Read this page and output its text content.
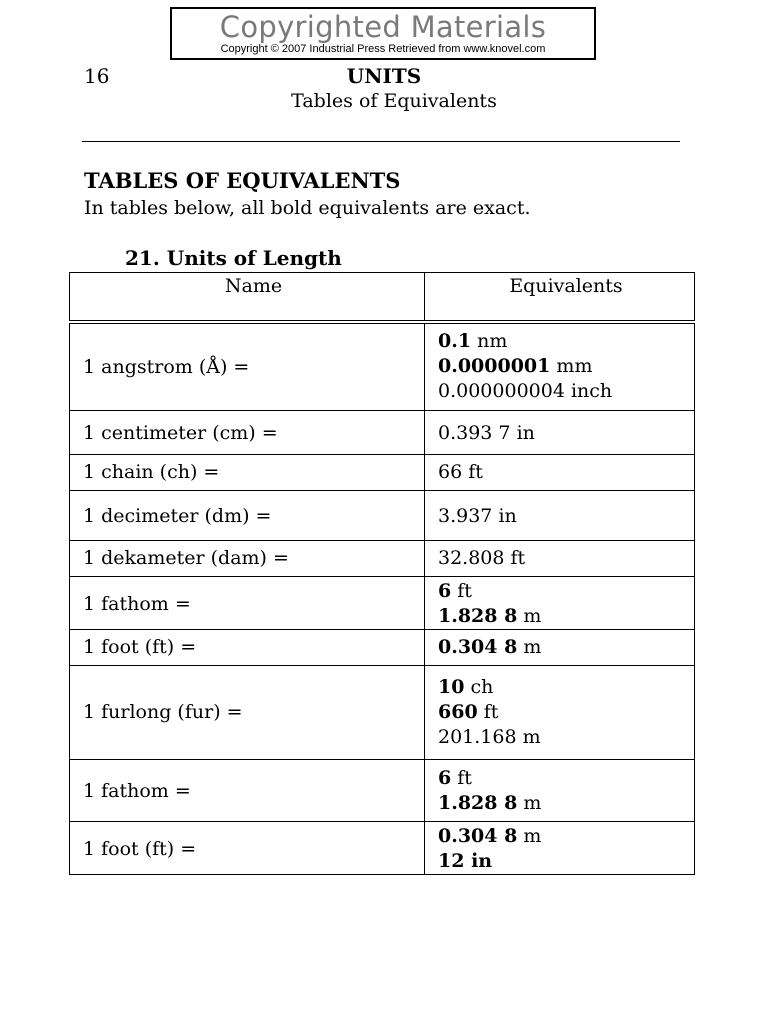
Copyrighted Materials
Copyright © 2007 Industrial Press Retrieved from www.knovel.com
16	UNITS
Tables of Equivalents
TABLES OF EQUIVALENTS
In tables below, all bold equivalents are exact.
21. Units of Length
Name	Equivalents
1 angstrom (Å) =	0.1 nm
0.0000001 mm
0.000000004 inch

1 centimeter (cm) =	0.393 7 in

1 chain (ch) =	66 ft

1 decimeter (dm) =	3.937 in

1 dekameter (dam) =	32.808 ft

1 fathom =	6 ft
1.828 8 m

1 foot (ft) =	0.304 8 m

1 furlong (fur) =	10 ch
660 ft
201.168 m

1 fathom =	6 ft
1.828 8 m

1 foot (ft) =	0.304 8 m
12 in
